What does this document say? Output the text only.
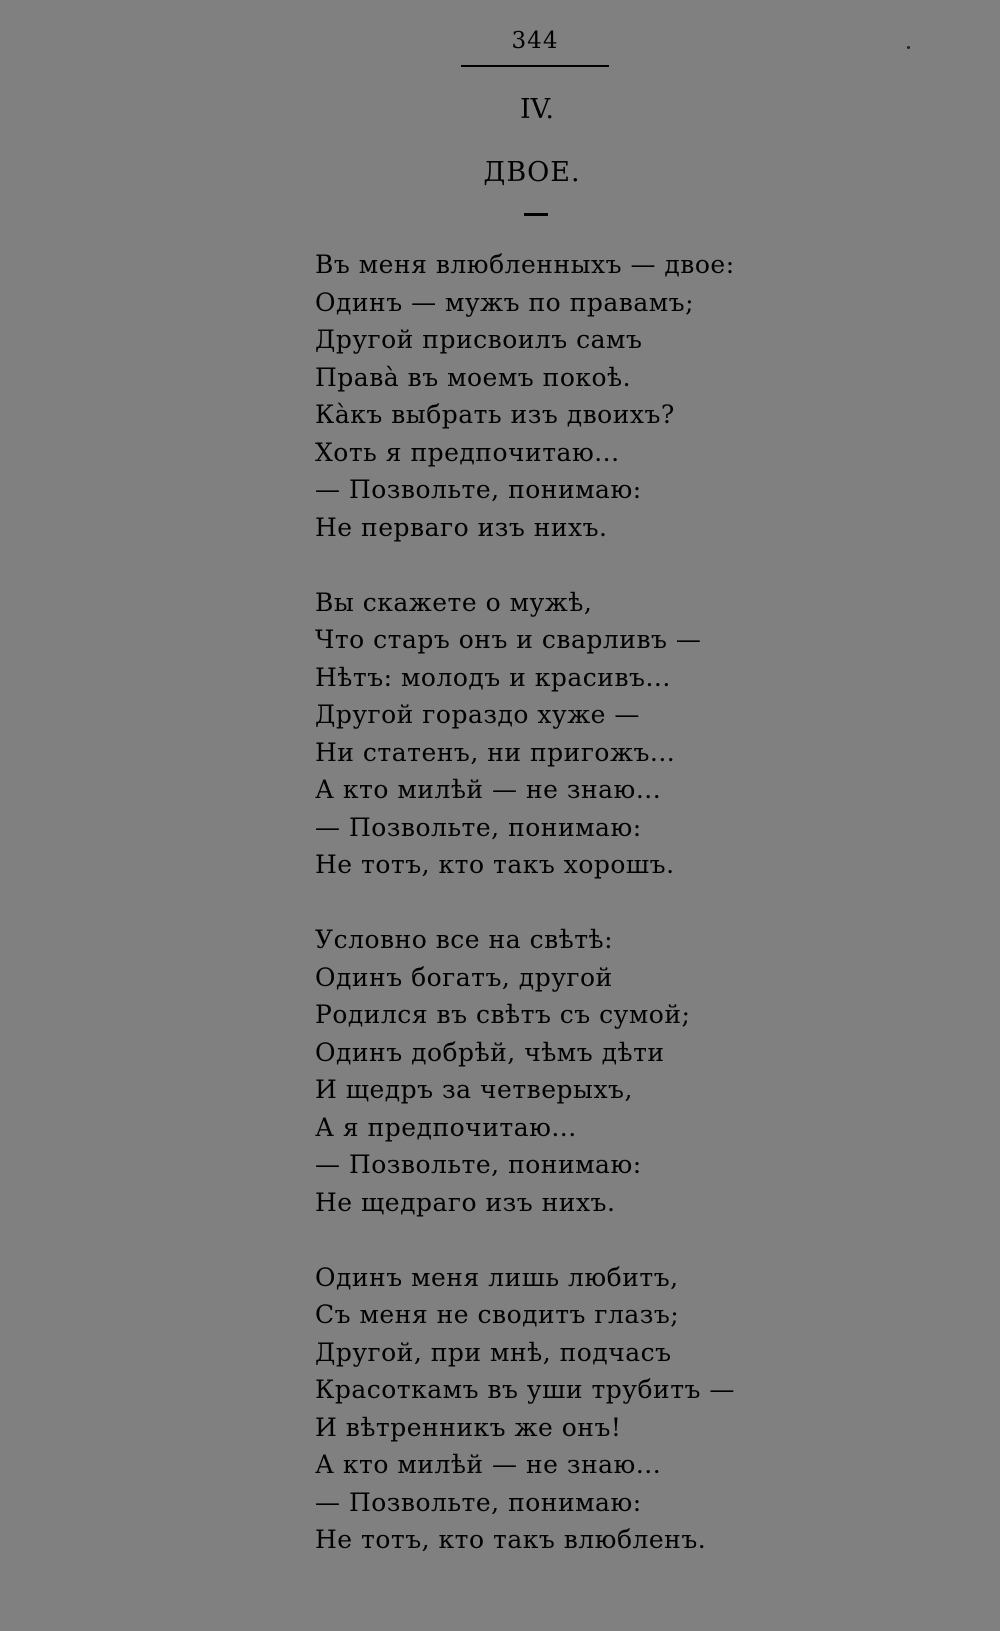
344
IV.
ДВОЕ.
Въ меня влюбленныхъ — двое:
Одинъ — мужъ по правамъ;
Другой присвоилъ самъ
Права̀ въ моемъ покоѣ.
Ка̀къ выбрать изъ двоихъ?
Хоть я предпочитаю...
— Позвольте, понимаю:
Не перваго изъ нихъ.
Вы скажете о мужѣ,
Что старъ онъ и сварливъ —
Нѣтъ: молодъ и красивъ...
Другой гораздо хуже —
Ни статенъ, ни пригожъ...
А кто милѣй — не знаю...
— Позвольте, понимаю:
Не тотъ, кто такъ хорошъ.
Условно все на свѣтѣ:
Одинъ богатъ, другой
Родился въ свѣтъ съ сумой;
Одинъ добрѣй, чѣмъ дѣти
И щедръ за четверыхъ,
А я предпочитаю...
— Позвольте, понимаю:
Не щедраго изъ нихъ.
Одинъ меня лишь любитъ,
Съ меня не сводитъ глазъ;
Другой, при мнѣ, подчасъ
Красоткамъ въ уши трубитъ —
И вѣтренникъ же онъ!
А кто милѣй — не знаю...
— Позвольте, понимаю:
Не тотъ, кто такъ влюбленъ.
